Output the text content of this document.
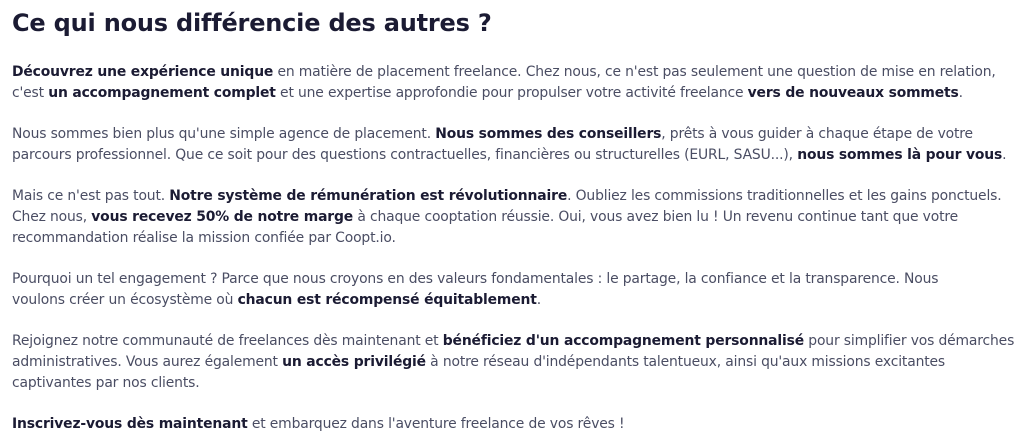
Ce qui nous différencie des autres ?

Découvrez une expérience unique en matière de placement freelance. Chez nous, ce n'est pas seulement une question de mise en relation,
c'est un accompagnement complet et une expertise approfondie pour propulser votre activité freelance vers de nouveaux sommets.

Nous sommes bien plus qu'une simple agence de placement. Nous sommes des conseillers, prêts à vous guider à chaque étape de votre
parcours professionnel. Que ce soit pour des questions contractuelles, financières ou structurelles (EURL, SASU...), nous sommes là pour vous.

Mais ce n'est pas tout. Notre système de rémunération est révolutionnaire. Oubliez les commissions traditionnelles et les gains ponctuels.
Chez nous, vous recevez 50% de notre marge à chaque cooptation réussie. Oui, vous avez bien lu ! Un revenu continue tant que votre
recommandation réalise la mission confiée par Coopt.io.

Pourquoi un tel engagement ? Parce que nous croyons en des valeurs fondamentales : le partage, la confiance et la transparence. Nous
voulons créer un écosystème où chacun est récompensé équitablement.

Rejoignez notre communauté de freelances dès maintenant et bénéficiez d'un accompagnement personnalisé pour simplifier vos démarches
administratives. Vous aurez également un accès privilégié à notre réseau d'indépendants talentueux, ainsi qu'aux missions excitantes
captivantes par nos clients.

Inscrivez-vous dès maintenant et embarquez dans l'aventure freelance de vos rêves !
